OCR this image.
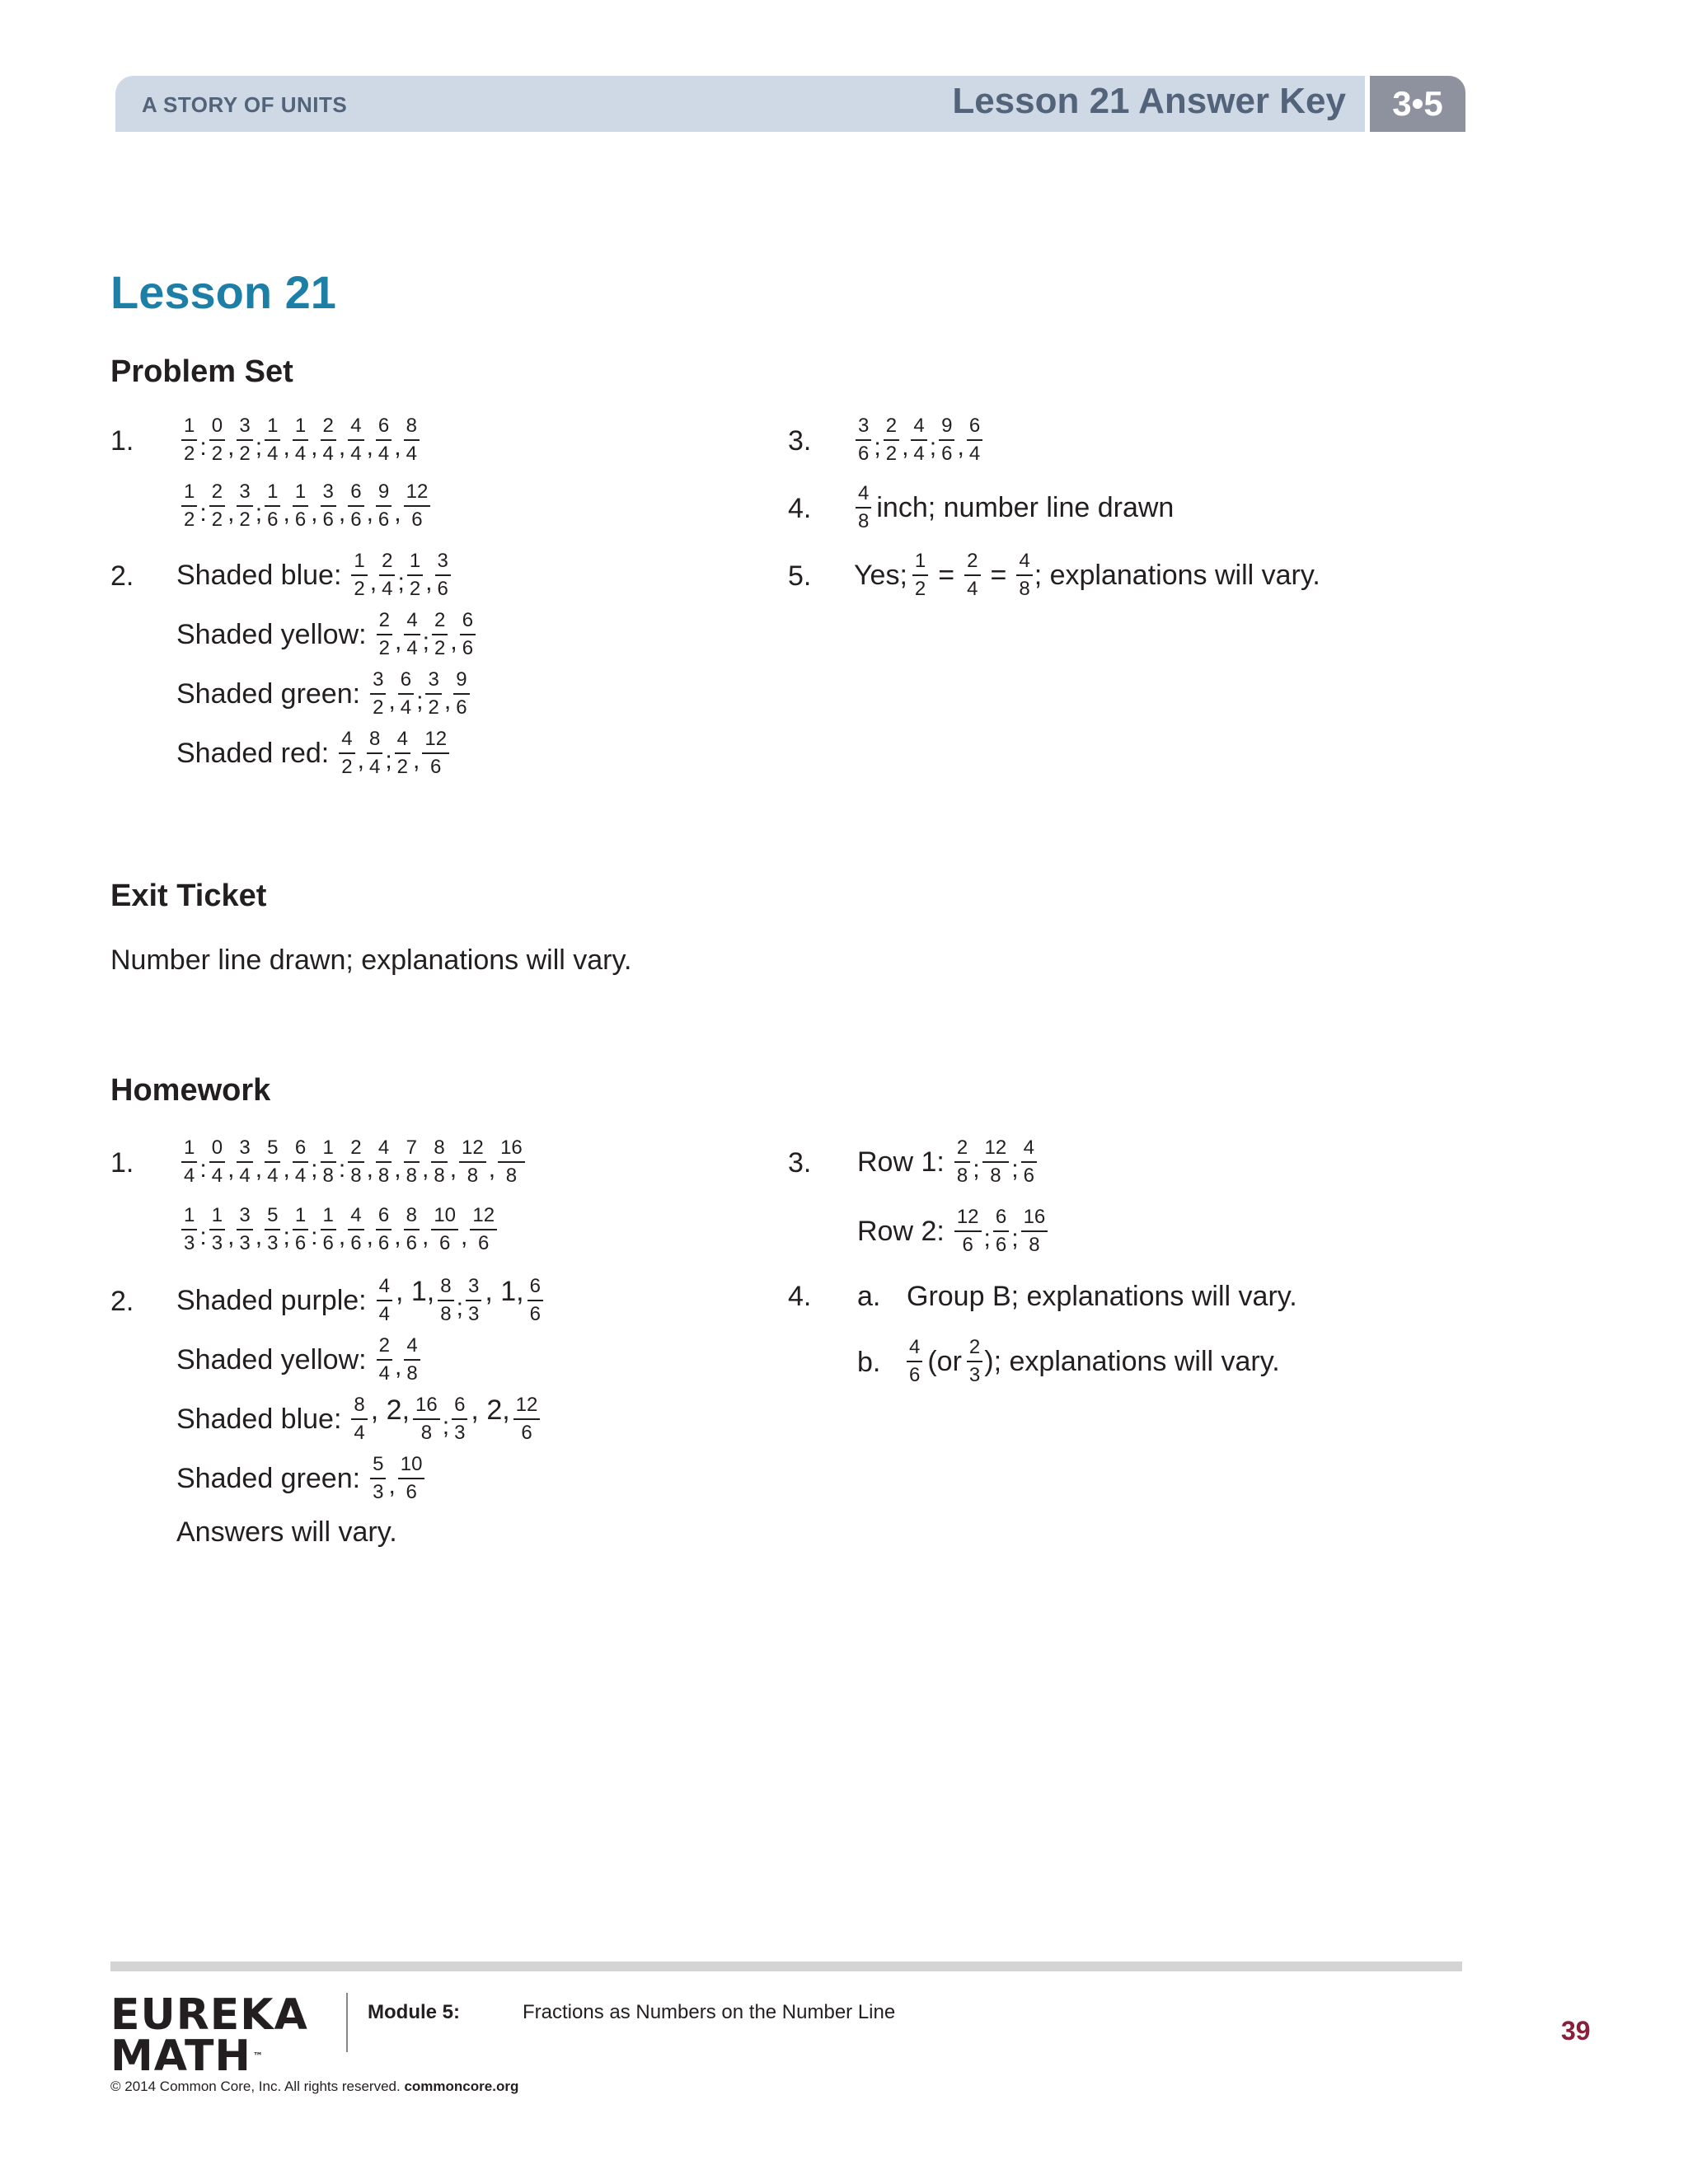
A STORY OF UNITS	Lesson 21 Answer Key	3•5
Lesson 21
Problem Set
1. $\frac{1}{2}$ : $\frac{0}{2}$ , $\frac{3}{2}$ ; $\frac{1}{4}$ , $\frac{1}{4}$ , $\frac{2}{4}$ , $\frac{4}{4}$ , $\frac{6}{4}$ , $\frac{8}{4}$
$\frac{1}{2}$ : $\frac{2}{2}$ , $\frac{3}{2}$ ; $\frac{1}{6}$ , $\frac{1}{6}$ , $\frac{3}{6}$ , $\frac{6}{6}$ , $\frac{9}{6}$ , $\frac{12}{6}$
2. Shaded blue: $\frac{1}{2}$ , $\frac{2}{4}$ ; $\frac{1}{2}$ , $\frac{3}{6}$
Shaded yellow: $\frac{2}{2}$ , $\frac{4}{4}$ ; $\frac{2}{2}$ , $\frac{6}{6}$
Shaded green: $\frac{3}{2}$ , $\frac{6}{4}$ ; $\frac{3}{2}$ , $\frac{9}{6}$
Shaded red: $\frac{4}{2}$ , $\frac{8}{4}$ ; $\frac{4}{2}$ , $\frac{12}{6}$
3. $\frac{3}{6}$ ; $\frac{2}{2}$ , $\frac{4}{4}$ ; $\frac{9}{6}$ , $\frac{6}{4}$
4. $\frac{4}{8}$ inch; number line drawn
5. Yes; $\frac{1}{2} = \frac{2}{4} = \frac{4}{8}$ ; explanations will vary.
Exit Ticket
Number line drawn; explanations will vary.
Homework
1. $\frac{1}{4}$ : $\frac{0}{4}$ , $\frac{3}{4}$ , $\frac{5}{4}$ , $\frac{6}{4}$ ; $\frac{1}{8}$ : $\frac{2}{8}$ , $\frac{4}{8}$ , $\frac{7}{8}$ , $\frac{8}{8}$ , $\frac{12}{8}$ , $\frac{16}{8}$
$\frac{1}{3}$ : $\frac{1}{3}$ , $\frac{3}{3}$ , $\frac{5}{3}$ ; $\frac{1}{6}$ : $\frac{1}{6}$ , $\frac{4}{6}$ , $\frac{6}{6}$ , $\frac{8}{6}$ , $\frac{10}{6}$ , $\frac{12}{6}$
2. Shaded purple: $\frac{4}{4}$ , 1, $\frac{8}{8}$ ; $\frac{3}{3}$ , 1, $\frac{6}{6}$
Shaded yellow: $\frac{2}{4}$ , $\frac{4}{8}$
Shaded blue: $\frac{8}{4}$ , 2, $\frac{16}{8}$ ; $\frac{6}{3}$ , 2, $\frac{12}{6}$
Shaded green: $\frac{5}{3}$ , $\frac{10}{6}$
Answers will vary.
3. Row 1: $\frac{2}{8}$ ; $\frac{12}{8}$ ; $\frac{4}{6}$
Row 2: $\frac{12}{6}$ ; $\frac{6}{6}$ ; $\frac{16}{8}$
4. a. Group B; explanations will vary.
b. $\frac{4}{6} (or \frac{2}{3}$ ); explanations will vary.
EUREKA
MATH ™
Module 5:	Fractions as Numbers on the Number Line
© 2014 Common Core, Inc. All rights reserved. commoncore.org
39
